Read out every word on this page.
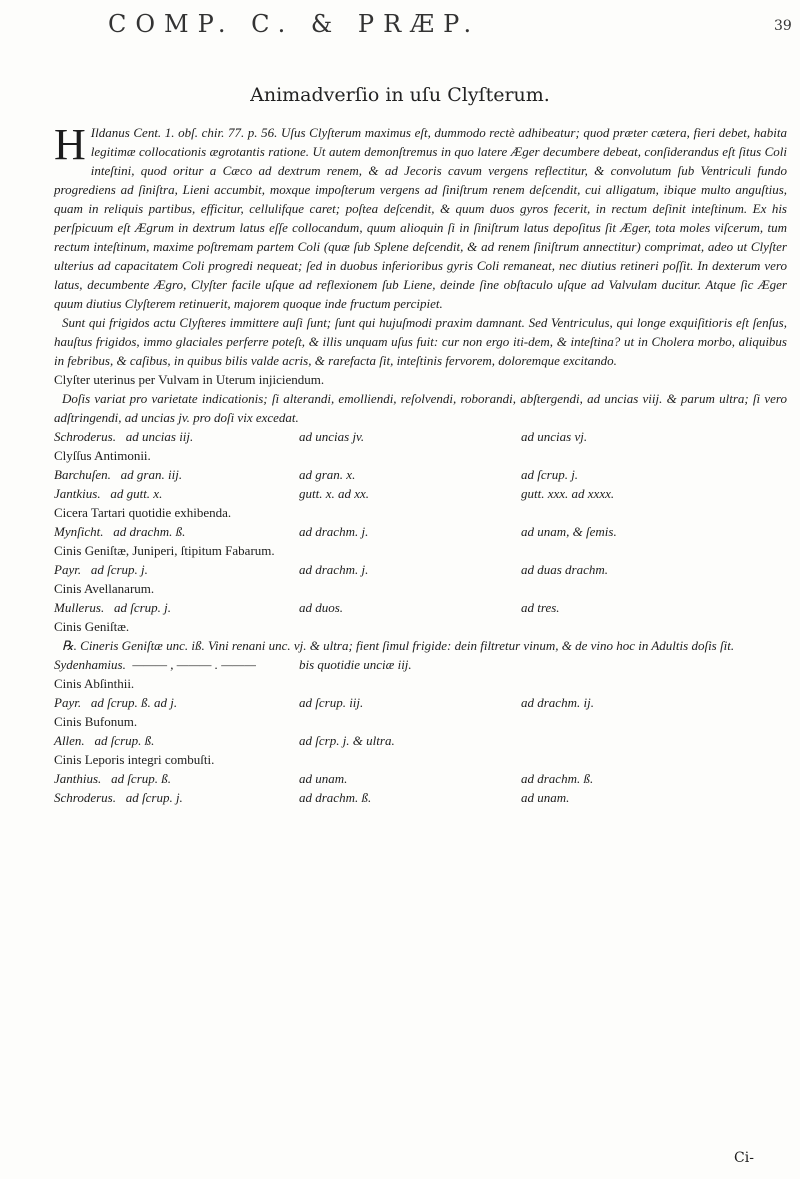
COMP. C. & PRÆP.	39
Animadverſio in uſu Clyſterum.

H Ildanus Cent. 1. obſ. chir. 77. p. 56. Uſus Clyſterum maximus eſt, dummodo rectè adhibeatur; quod præter cætera, fieri debet, habita legitimæ collocationis ægrotantis ratione. Ut autem demonſtremus in quo latere Æger decumbere debeat, conſiderandus eſt ſitus Coli inteſtini, quod oritur a Cæco ad dextrum renem, & ad Jecoris cavum vergens reflectitur, & convolutum ſub Ventriculi fundo progrediens ad ſiniſtra, Lieni accumbit, moxque impoſterum vergens ad ſiniſtrum renem deſcendit, cui alligatum, ibique multo anguſtius, quam in reliquis partibus, efficitur, cellulifque caret; poſtea deſcendit, & quum duos gyros fecerit, in rectum deſinit inteſtinum. Ex his perſpicuum eſt Ægrum in dextrum latus eſſe collocandum, quum alioquin ſi in ſiniſtrum latus depoſitus ſit Æger, tota moles viſcerum, tum rectum inteſtinum, maxime poſtremam partem Coli (quæ ſub Splene deſcendit, & ad renem ſiniſtrum annectitur) comprimat, adeo ut Clyſter ulterius ad capacitatem Coli progredi nequeat; ſed in duobus inferioribus gyris Coli remaneat, nec diutius retineri poſſit. In dexterum vero latus, decumbente Ægro, Clyſter facile uſque ad reflexionem ſub Liene, deinde ſine obſtaculo uſque ad Valvulam ducitur. Atque ſic Æger quum diutius Clyſterem retinuerit, majorem quoque inde fructum percipiet.

Sunt qui frigidos actu Clyſteres immittere auſi ſunt; ſunt qui hujuſmodi praxim damnant. Sed Ventriculus, qui longe exquiſitioris eſt ſenſus, hauſtus frigidos, immo glaciales perferre poteſt, & illis unquam uſus fuit: cur non ergo iti-dem, & inteſtina? ut in Cholera morbo, aliquibus in febribus, & caſibus, in quibus bilis valde acris, & rarefacta ſit, inteſtinis fervorem, doloremque excitando.

Clyſter uterinus per Vulvam in Uterum injiciendum.

Doſis variat pro varietate indicationis; ſi alterandi, emolliendi, reſolvendi, roborandi, abſtergendi, ad uncias viij. & parum ultra; ſi vero adſtringendi, ad uncias jv. pro doſi vix excedat.

Schroderus. ad uncias iij.	ad uncias jv.	ad uncias vj.

Clyſſus Antimonii.

Barchuſen. ad gran. iij.	ad gran. x.	ad ſcrup. j.
Jantkius. ad gutt. x.	gutt. x. ad xx.	gutt. xxx. ad xxxx.

Cicera Tartari quotidie exhibenda.

Mynſicht. ad drachm. ß.	ad drachm. j.	ad unam, & ſemis.

Cinis Geniſtæ, Juniperi, ſtipitum Fabarum.

Payr. ad ſcrup. j.	ad drachm. j.	ad duas drachm.

Cinis Avellanarum.

Mullerus. ad ſcrup. j.	ad duos.	ad tres.

Cinis Geniſtæ.

℞. Cineris Geniſtæ unc. iß. Vini renani unc. vj. & ultra; fient ſimul frigide: dein filtretur vinum, & de vino hoc in Adultis doſis ſit.

Sydenhamius. ——— , ——— . ———	bis quotidie unciæ iij.

Cinis Abſinthii.

Payr. ad ſcrup. ß. ad j.	ad ſcrup. iij.	ad drachm. ij.

Cinis Bufonum.

Allen. ad ſcrup. ß.	ad ſcrp. j. & ultra.

Cinis Leporis integri combuſti.

Janthius. ad ſcrup. ß.	ad unam.	ad drachm. ß.
Schroderus. ad ſcrup. j.	ad drachm. ß.	ad unam.
Ci-
